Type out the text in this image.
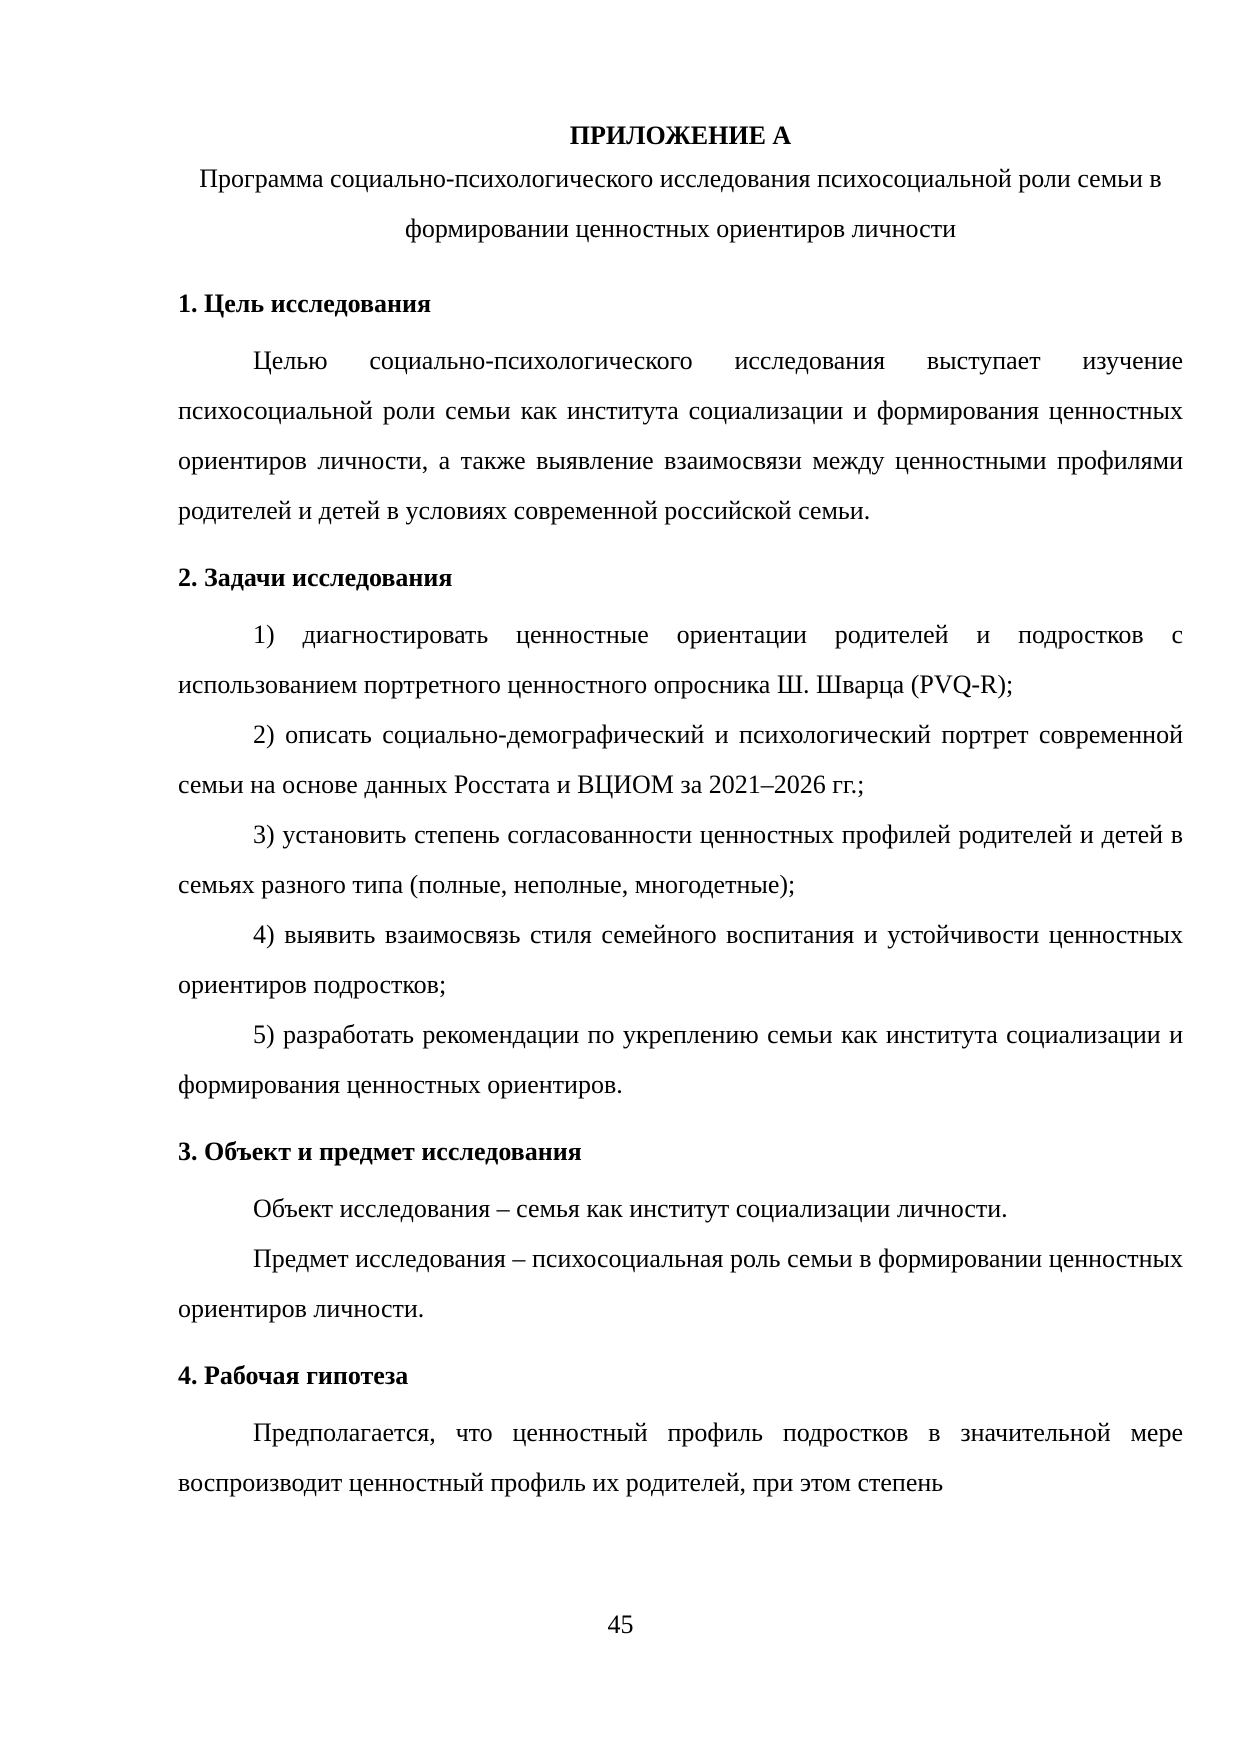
ПРИЛОЖЕНИЕ А

Программа социально-психологического исследования психосоциальной роли семьи в формировании ценностных ориентиров личности

1. Цель исследования

Целью социально-психологического исследования выступает изучение психосоциальной роли семьи как института социализации и формирования ценностных ориентиров личности, а также выявление взаимосвязи между ценностными профилями родителей и детей в условиях современной российской семьи.

2. Задачи исследования

1) диагностировать ценностные ориентации родителей и подростков с использованием портретного ценностного опросника Ш. Шварца (PVQ-R);

2) описать социально-демографический и психологический портрет современной семьи на основе данных Росстата и ВЦИОМ за 2021–2026 гг.;

3) установить степень согласованности ценностных профилей родителей и детей в семьях разного типа (полные, неполные, многодетные);

4) выявить взаимосвязь стиля семейного воспитания и устойчивости ценностных ориентиров подростков;

5) разработать рекомендации по укреплению семьи как института социализации и формирования ценностных ориентиров.

3. Объект и предмет исследования

Объект исследования – семья как институт социализации личности.

Предмет исследования – психосоциальная роль семьи в формировании ценностных ориентиров личности.

4. Рабочая гипотеза

Предполагается, что ценностный профиль подростков в значительной мере воспроизводит ценностный профиль их родителей, при этом степень

45
